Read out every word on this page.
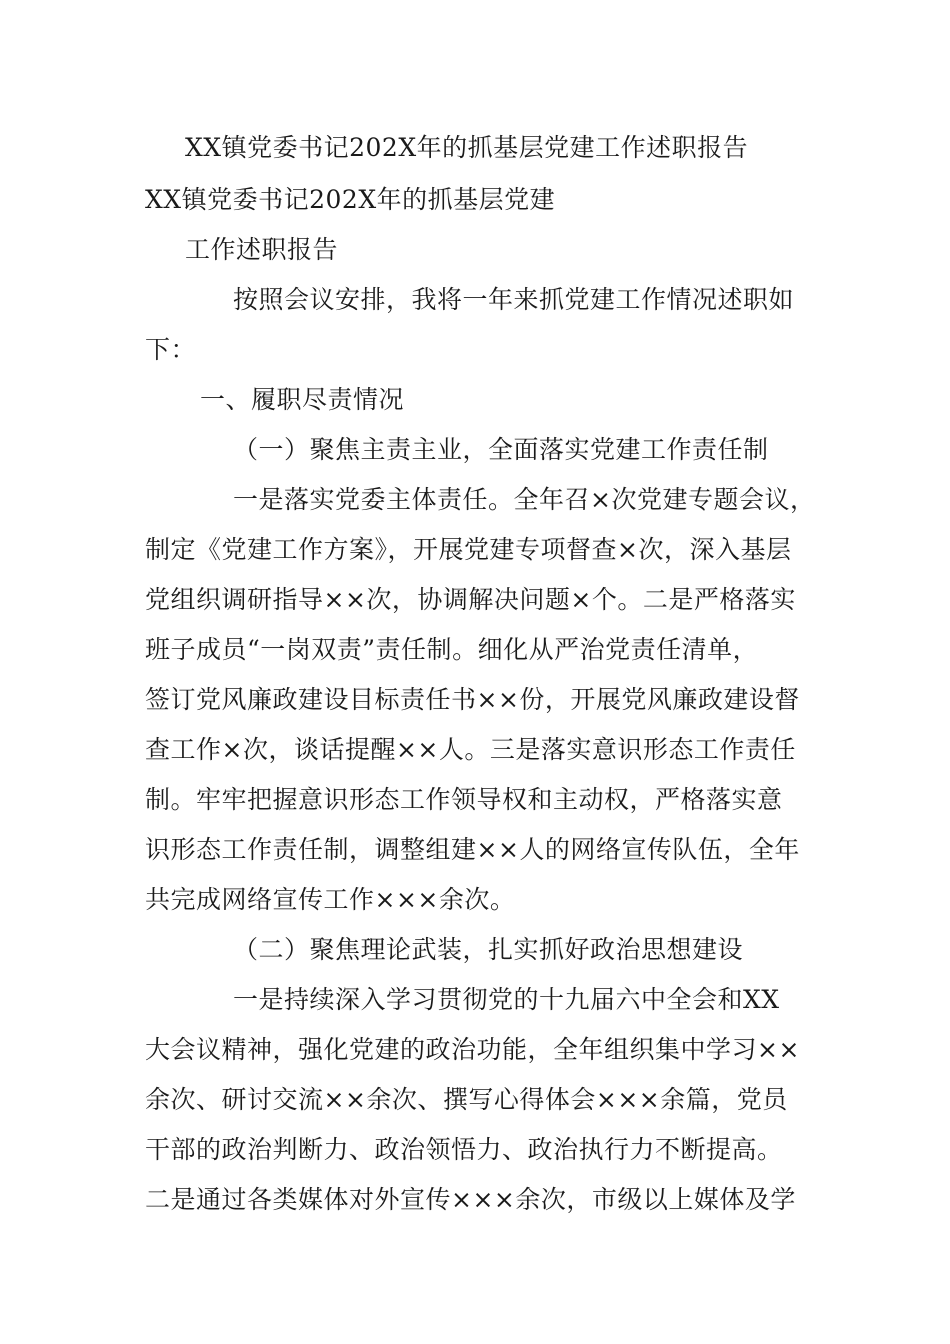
XX镇党委书记202X年的抓基层党建工作述职报告
XX镇党委书记202X年的抓基层党建
工作述职报告
按照会议安排，我将一年来抓党建工作情况述职如
下：
一、履职尽责情况
（一）聚焦主责主业，全面落实党建工作责任制
一是落实党委主体责任。全年召×次党建专题会议，
制定《党建工作方案》，开展党建专项督查×次，深入基层
党组织调研指导××次，协调解决问题×个。二是严格落实
班子成员“一岗双责”责任制。细化从严治党责任清单，
签订党风廉政建设目标责任书××份，开展党风廉政建设督
查工作×次，谈话提醒××人。三是落实意识形态工作责任
制。牢牢把握意识形态工作领导权和主动权，严格落实意
识形态工作责任制，调整组建××人的网络宣传队伍，全年
共完成网络宣传工作×××余次。
（二）聚焦理论武装，扎实抓好政治思想建设
一是持续深入学习贯彻党的十九届六中全会和XX
大会议精神，强化党建的政治功能，全年组织集中学习××
余次、研讨交流××余次、撰写心得体会×××余篇，党员
干部的政治判断力、政治领悟力、政治执行力不断提高。
二是通过各类媒体对外宣传×××余次，市级以上媒体及学
